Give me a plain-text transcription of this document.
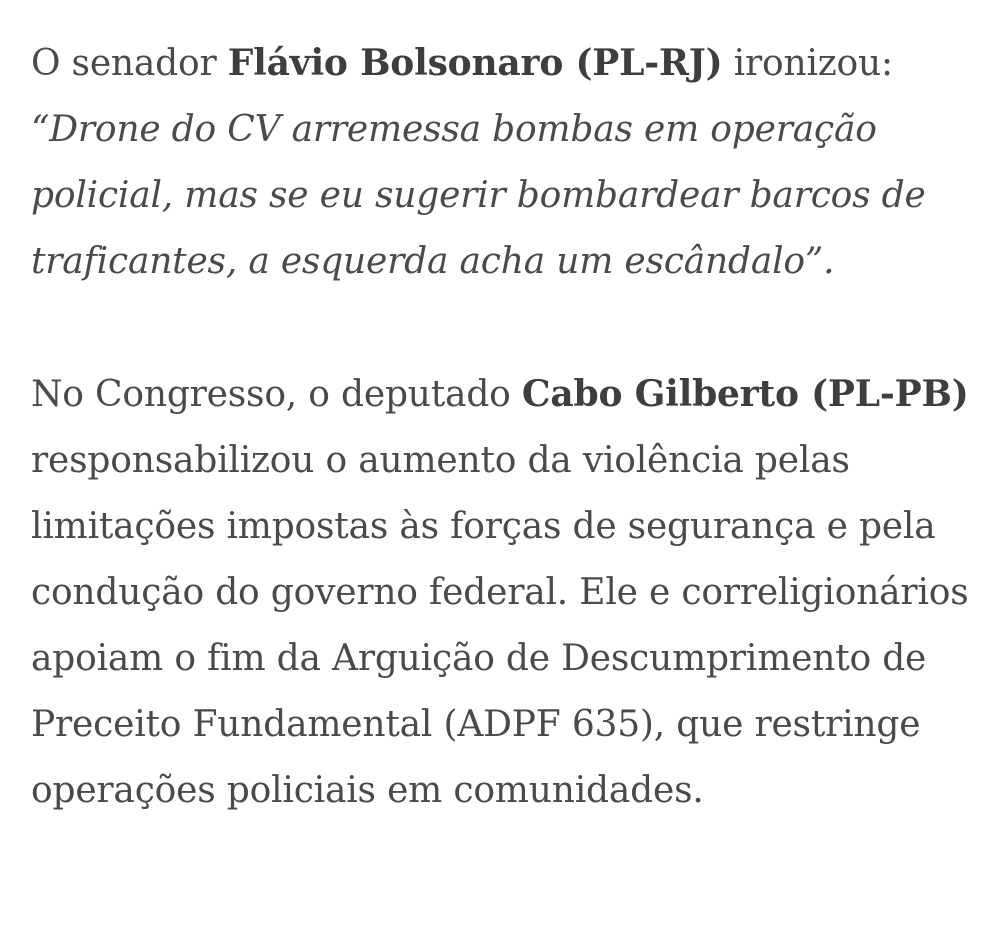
O senador Flávio Bolsonaro (PL-RJ) ironizou: “Drone do CV arremessa bombas em operação policial, mas se eu sugerir bombardear barcos de traficantes, a esquerda acha um escândalo”.

No Congresso, o deputado Cabo Gilberto (PL-PB) responsabilizou o aumento da violência pelas limitações impostas às forças de segurança e pela condução do governo federal. Ele e correligionários apoiam o fim da Arguição de Descumprimento de Preceito Fundamental (ADPF 635), que restringe operações policiais em comunidades.
